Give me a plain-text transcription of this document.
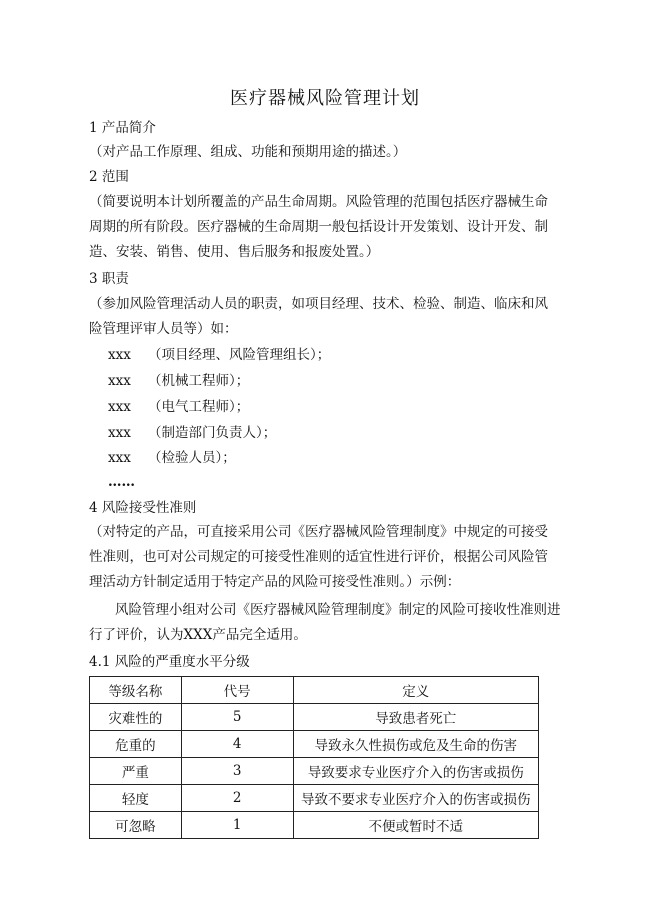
医疗器械风险管理计划
1 产品简介
（对产品工作原理、组成、功能和预期用途的描述。）
2 范围
（简要说明本计划所覆盖的产品生命周期。风险管理的范围包括医疗器械生命周期的所有阶段。医疗器械的生命周期一般包括设计开发策划、设计开发、制造、安装、销售、使用、售后服务和报废处置。）
3 职责
（参加风险管理活动人员的职责，如项目经理、技术、检验、制造、临床和风险管理评审人员等）如：
xxx （项目经理、风险管理组长）；
xxx （机械工程师）；
xxx （电气工程师）；
xxx （制造部门负责人）；
xxx （检验人员）；
……
4 风险接受性准则
（对特定的产品，可直接采用公司《医疗器械风险管理制度》中规定的可接受性准则，也可对公司规定的可接受性准则的适宜性进行评价，根据公司风险管理活动方针制定适用于特定产品的风险可接受性准则。）示例：
风险管理小组对公司《医疗器械风险管理制度》制定的风险可接收性准则进行了评价，认为XXX产品完全适用。
4.1 风险的严重度水平分级
等级名称	代号	定义
灾难性的	5	导致患者死亡
危重的	4	导致永久性损伤或危及生命的伤害
严重	3	导致要求专业医疗介入的伤害或损伤
轻度	2	导致不要求专业医疗介入的伤害或损伤
可忽略	1	不便或暂时不适
